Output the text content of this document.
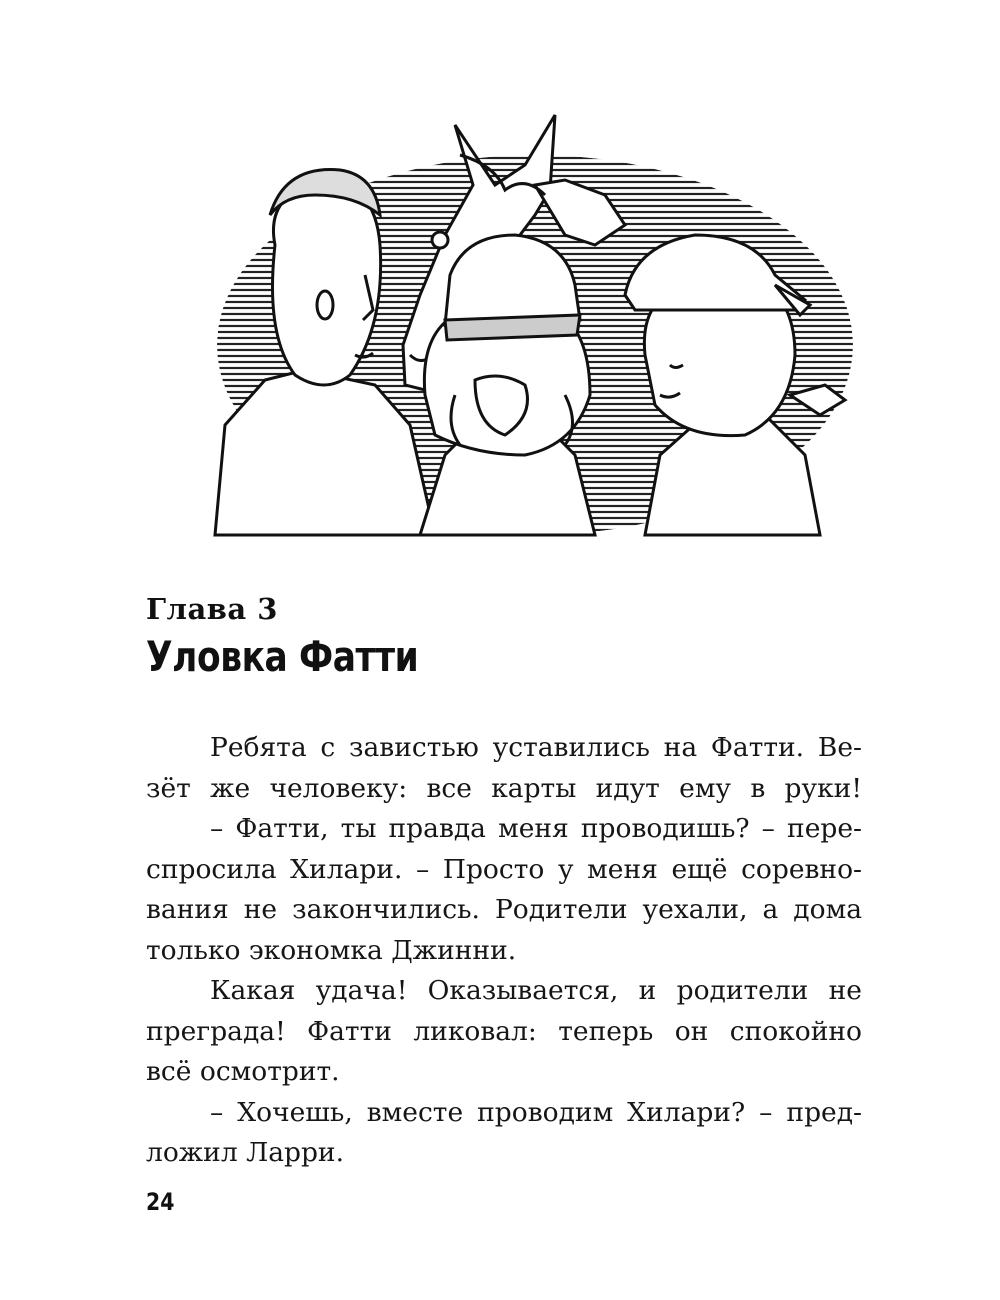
Глава 3
Уловка Фатти
Ребята с завистью уставились на Фатти. Ве-
зёт же человеку: все карты идут ему в руки!
– Фатти, ты правда меня проводишь? – пере-
спросила Хилари. – Просто у меня ещё соревно-
вания не закончились. Родители уехали, а дома
только экономка Джинни.
Какая удача! Оказывается, и родители не
преграда! Фатти ликовал: теперь он спокойно
всё осмотрит.
– Хочешь, вместе проводим Хилари? – пред-
ложил Ларри.
24
